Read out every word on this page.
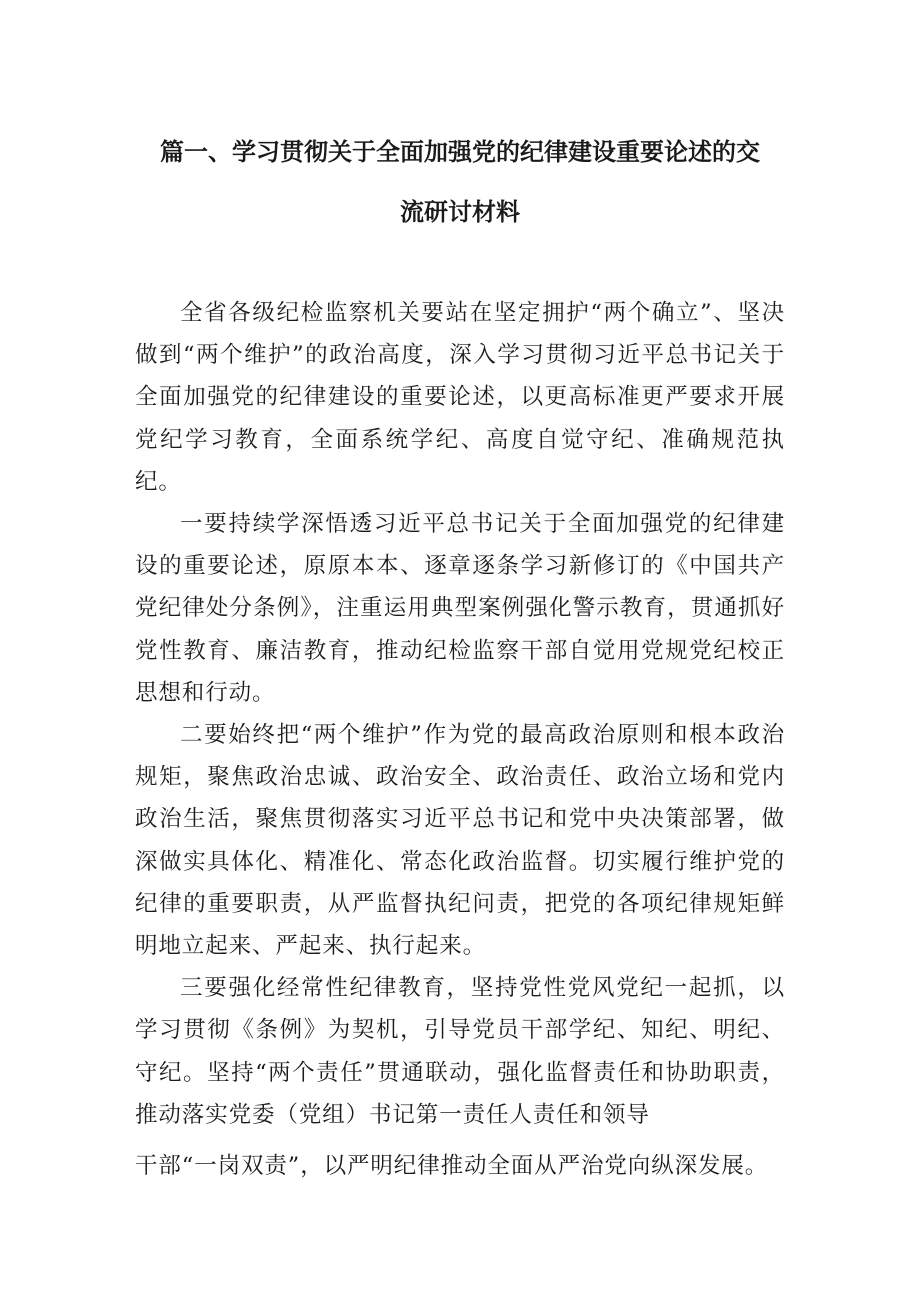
篇一、学习贯彻关于全面加强党的纪律建设重要论述的交
流研讨材料

全省各级纪检监察机关要站在坚定拥护“两个确立”、坚决做到“两个维护”的政治高度，深入学习贯彻习近平总书记关于全面加强党的纪律建设的重要论述，以更高标准更严要求开展党纪学习教育，全面系统学纪、高度自觉守纪、准确规范执纪。

一要持续学深悟透习近平总书记关于全面加强党的纪律建设的重要论述，原原本本、逐章逐条学习新修订的《中国共产党纪律处分条例》，注重运用典型案例强化警示教育，贯通抓好党性教育、廉洁教育，推动纪检监察干部自觉用党规党纪校正思想和行动。

二要始终把“两个维护”作为党的最高政治原则和根本政治规矩，聚焦政治忠诚、政治安全、政治责任、政治立场和党内政治生活，聚焦贯彻落实习近平总书记和党中央决策部署，做深做实具体化、精准化、常态化政治监督。切实履行维护党的纪律的重要职责，从严监督执纪问责，把党的各项纪律规矩鲜明地立起来、严起来、执行起来。

三要强化经常性纪律教育，坚持党性党风党纪一起抓，以学习贯彻《条例》为契机，引导党员干部学纪、知纪、明纪、守纪。坚持“两个责任”贯通联动，强化监督责任和协助职责，推动落实党委（党组）书记第一责任人责任和领导

干部“一岗双责”，以严明纪律推动全面从严治党向纵深发展。
